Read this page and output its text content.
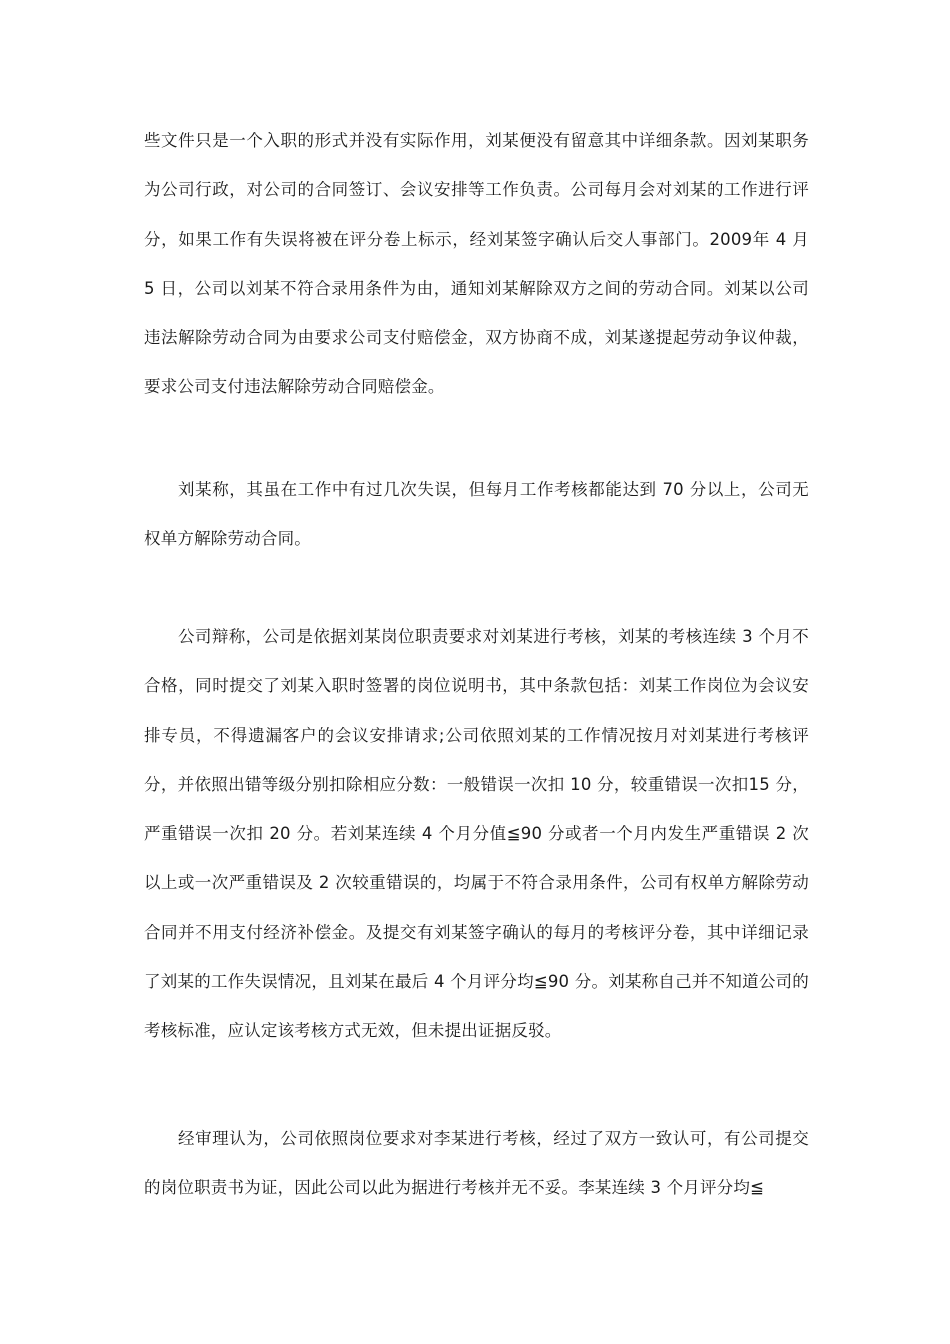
些文件只是一个入职的形式并没有实际作用，刘某便没有留意其中详细条款。因刘某职务为公司行政，对公司的合同签订、会议安排等工作负责。公司每月会对刘某的工作进行评分，如果工作有失误将被在评分卷上标示，经刘某签字确认后交人事部门。2009年 4 月 5 日，公司以刘某不符合录用条件为由，通知刘某解除双方之间的劳动合同。刘某以公司违法解除劳动合同为由要求公司支付赔偿金，双方协商不成，刘某遂提起劳动争议仲裁，要求公司支付违法解除劳动合同赔偿金。

刘某称，其虽在工作中有过几次失误，但每月工作考核都能达到 70 分以上，公司无权单方解除劳动合同。

公司辩称，公司是依据刘某岗位职责要求对刘某进行考核，刘某的考核连续 3 个月不合格，同时提交了刘某入职时签署的岗位说明书，其中条款包括：刘某工作岗位为会议安排专员，不得遗漏客户的会议安排请求;公司依照刘某的工作情况按月对刘某进行考核评分，并依照出错等级分别扣除相应分数：一般错误一次扣 10 分，较重错误一次扣15 分，严重错误一次扣 20 分。若刘某连续 4 个月分值≦90 分或者一个月内发生严重错误 2 次以上或一次严重错误及 2 次较重错误的，均属于不符合录用条件，公司有权单方解除劳动合同并不用支付经济补偿金。及提交有刘某签字确认的每月的考核评分卷，其中详细记录了刘某的工作失误情况，且刘某在最后 4 个月评分均≦90 分。刘某称自己并不知道公司的考核标准，应认定该考核方式无效，但未提出证据反驳。

经审理认为，公司依照岗位要求对李某进行考核，经过了双方一致认可，有公司提交的岗位职责书为证，因此公司以此为据进行考核并无不妥。李某连续 3 个月评分均≦
